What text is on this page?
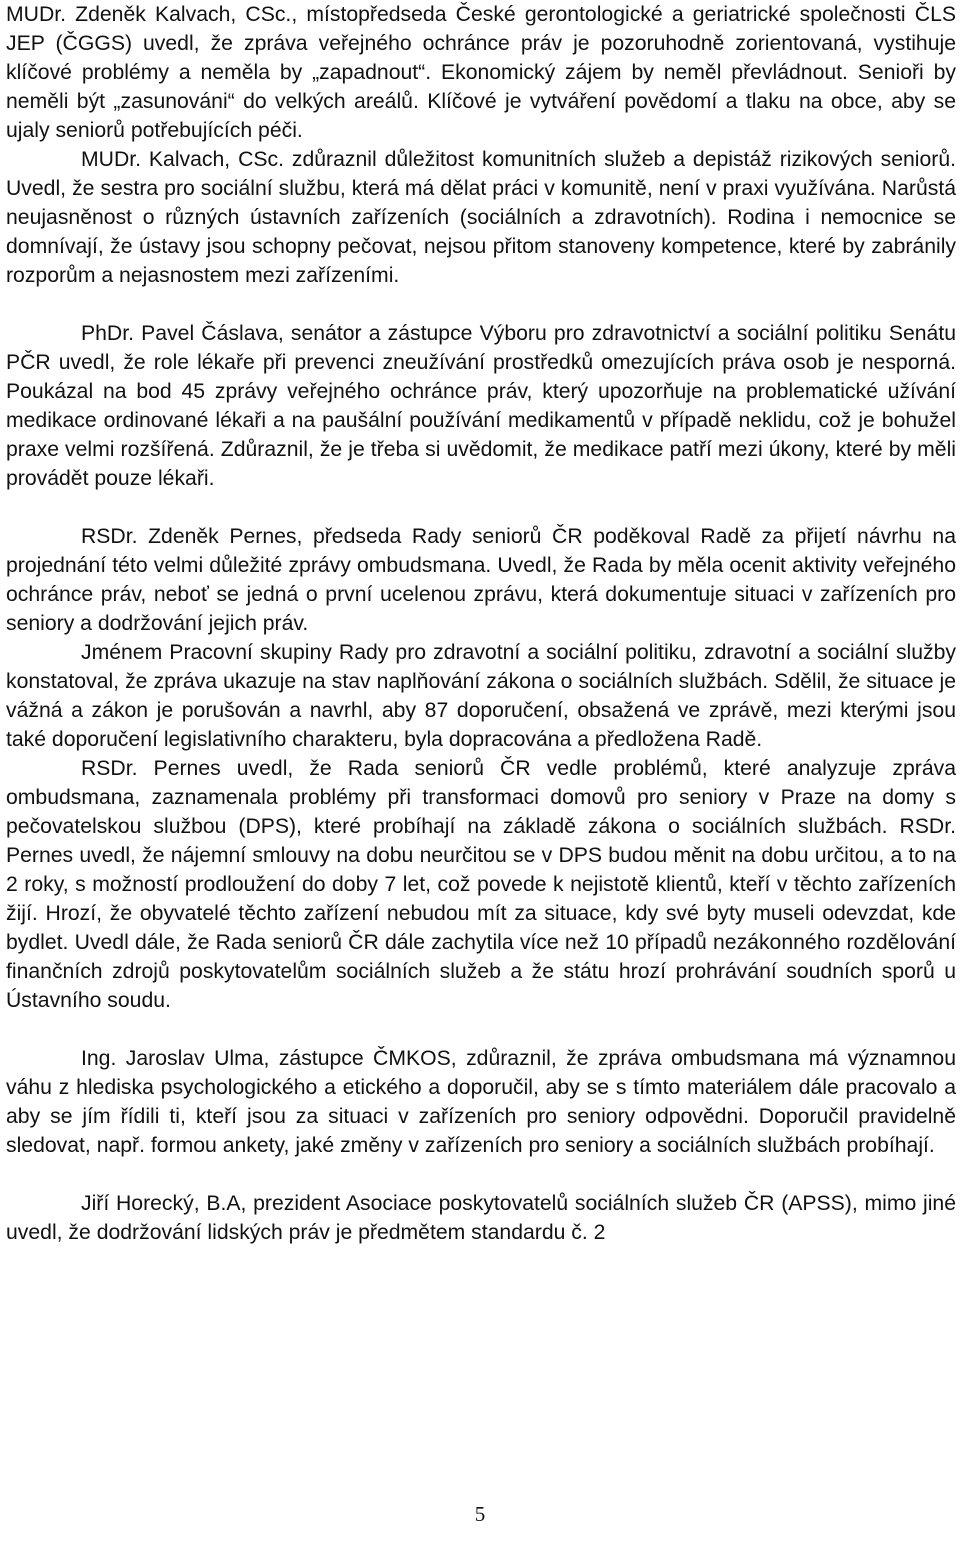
MUDr. Zdeněk Kalvach, CSc., místopředseda České gerontologické a geriatrické společnosti ČLS JEP (ČGGS) uvedl, že zpráva veřejného ochránce práv je pozoruhodně zorientovaná, vystihuje klíčové problémy a neměla by „zapadnout“. Ekonomický zájem by neměl převládnout. Senioři by neměli být „zasunováni“ do velkých areálů. Klíčové je vytváření povědomí a tlaku na obce, aby se ujaly seniorů potřebujících péči.

MUDr. Kalvach, CSc. zdůraznil důležitost komunitních služeb a depistáž rizikových seniorů. Uvedl, že sestra pro sociální službu, která má dělat práci v komunitě, není v praxi využívána. Narůstá neujasněnost o různých ústavních zařízeních (sociálních a zdravotních). Rodina i nemocnice se domnívají, že ústavy jsou schopny pečovat, nejsou přitom stanoveny kompetence, které by zabránily rozporům a nejasnostem mezi zařízeními.

PhDr. Pavel Čáslava, senátor a zástupce Výboru pro zdravotnictví a sociální politiku Senátu PČR uvedl, že role lékaře při prevenci zneužívání prostředků omezujících práva osob je nesporná. Poukázal na bod 45 zprávy veřejného ochránce práv, který upozorňuje na problematické užívání medikace ordinované lékaři a na paušální používání medikamentů v případě neklidu, což je bohužel praxe velmi rozšířená. Zdůraznil, že je třeba si uvědomit, že medikace patří mezi úkony, které by měli provádět pouze lékaři.

RSDr. Zdeněk Pernes, předseda Rady seniorů ČR poděkoval Radě za přijetí návrhu na projednání této velmi důležité zprávy ombudsmana. Uvedl, že Rada by měla ocenit aktivity veřejného ochránce práv, neboť se jedná o první ucelenou zprávu, která dokumentuje situaci v zařízeních pro seniory a dodržování jejich práv.

Jménem Pracovní skupiny Rady pro zdravotní a sociální politiku, zdravotní a sociální služby konstatoval, že zpráva ukazuje na stav naplňování zákona o sociálních službách. Sdělil, že situace je vážná a zákon je porušován a navrhl, aby 87 doporučení, obsažená ve zprávě, mezi kterými jsou také doporučení legislativního charakteru, byla dopracována a předložena Radě.

RSDr. Pernes uvedl, že Rada seniorů ČR vedle problémů, které analyzuje zpráva ombudsmana, zaznamenala problémy při transformaci domovů pro seniory v Praze na domy s pečovatelskou službou (DPS), které probíhají na základě zákona o sociálních službách. RSDr. Pernes uvedl, že nájemní smlouvy na dobu neurčitou se v DPS budou měnit na dobu určitou, a to na 2 roky, s možností prodloužení do doby 7 let, což povede k nejistotě klientů, kteří v těchto zařízeních žijí. Hrozí, že obyvatelé těchto zařízení nebudou mít za situace, kdy své byty museli odevzdat, kde bydlet. Uvedl dále, že Rada seniorů ČR dále zachytila více než 10 případů nezákonného rozdělování finančních zdrojů poskytovatelům sociálních služeb a že státu hrozí prohrávání soudních sporů u Ústavního soudu.

Ing. Jaroslav Ulma, zástupce ČMKOS, zdůraznil, že zpráva ombudsmana má významnou váhu z hlediska psychologického a etického a doporučil, aby se s tímto materiálem dále pracovalo a aby se jím řídili ti, kteří jsou za situaci v zařízeních pro seniory odpovědni. Doporučil pravidelně sledovat, např. formou ankety, jaké změny v zařízeních pro seniory a sociálních službách probíhají.

Jiří Horecký, B.A, prezident Asociace poskytovatelů sociálních služeb ČR (APSS), mimo jiné uvedl, že dodržování lidských práv je předmětem standardu č. 2

5
